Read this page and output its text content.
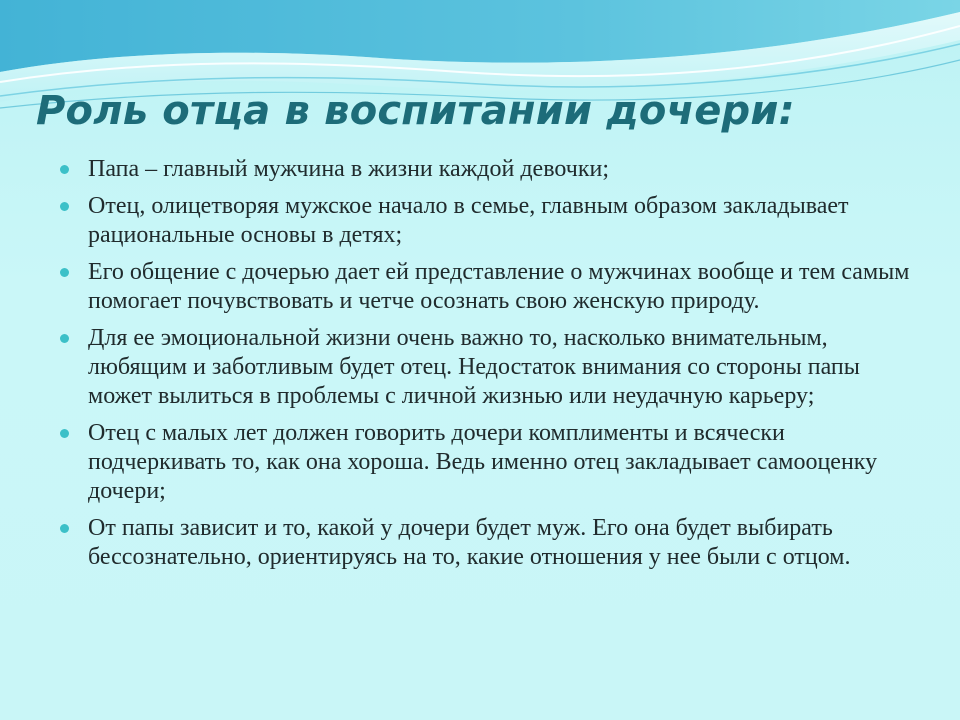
Роль отца в воспитании дочери:
Папа – главный мужчина в жизни каждой девочки;
Отец, олицетворяя мужское начало в семье, главным образом закладывает рациональные основы в детях;
Его общение с дочерью дает ей представление о мужчинах вообще и тем самым помогает почувствовать и четче осознать свою женскую природу.
Для ее эмоциональной жизни очень важно то, насколько внимательным, любящим и заботливым будет отец. Недостаток внимания со стороны папы может вылиться в проблемы с личной жизнью или неудачную карьеру;
Отец с малых лет должен говорить дочери комплименты и всячески подчеркивать то, как она хороша. Ведь именно отец закладывает самооценку дочери;
От папы зависит и то, какой у дочери будет муж. Его она будет выбирать бессознательно, ориентируясь на то, какие отношения у нее были с отцом.
